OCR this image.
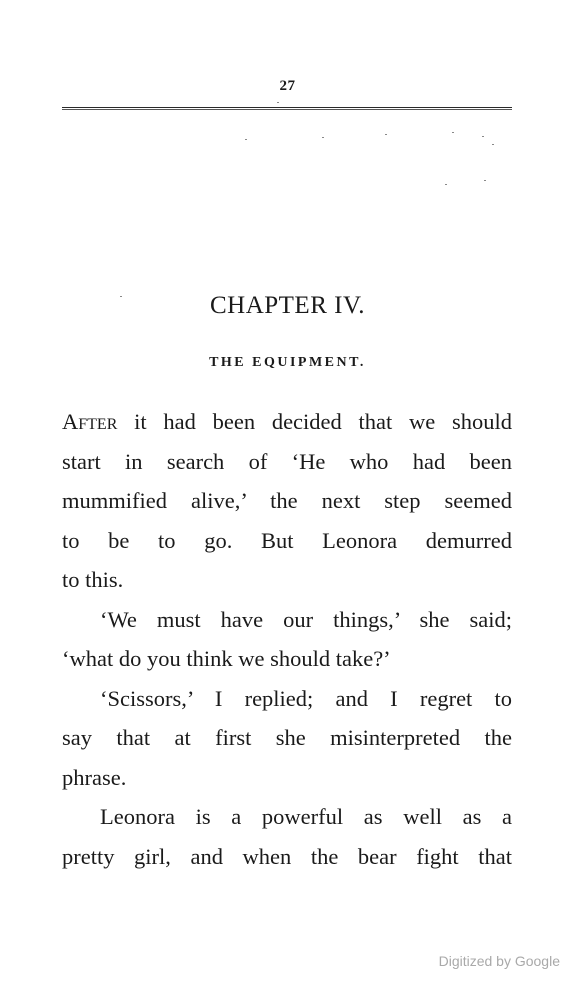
27
CHAPTER IV.
THE EQUIPMENT.
After it had been decided that we should
start in search of ‘He who had been
mummified alive,’ the next step seemed
to be to go. But Leonora demurred
to this.
‘We must have our things,’ she said;
‘what do you think we should take?’
‘Scissors,’ I replied; and I regret to
say that at first she misinterpreted the
phrase.
Leonora is a powerful as well as a
pretty girl, and when the bear fight that
Digitized by Google
